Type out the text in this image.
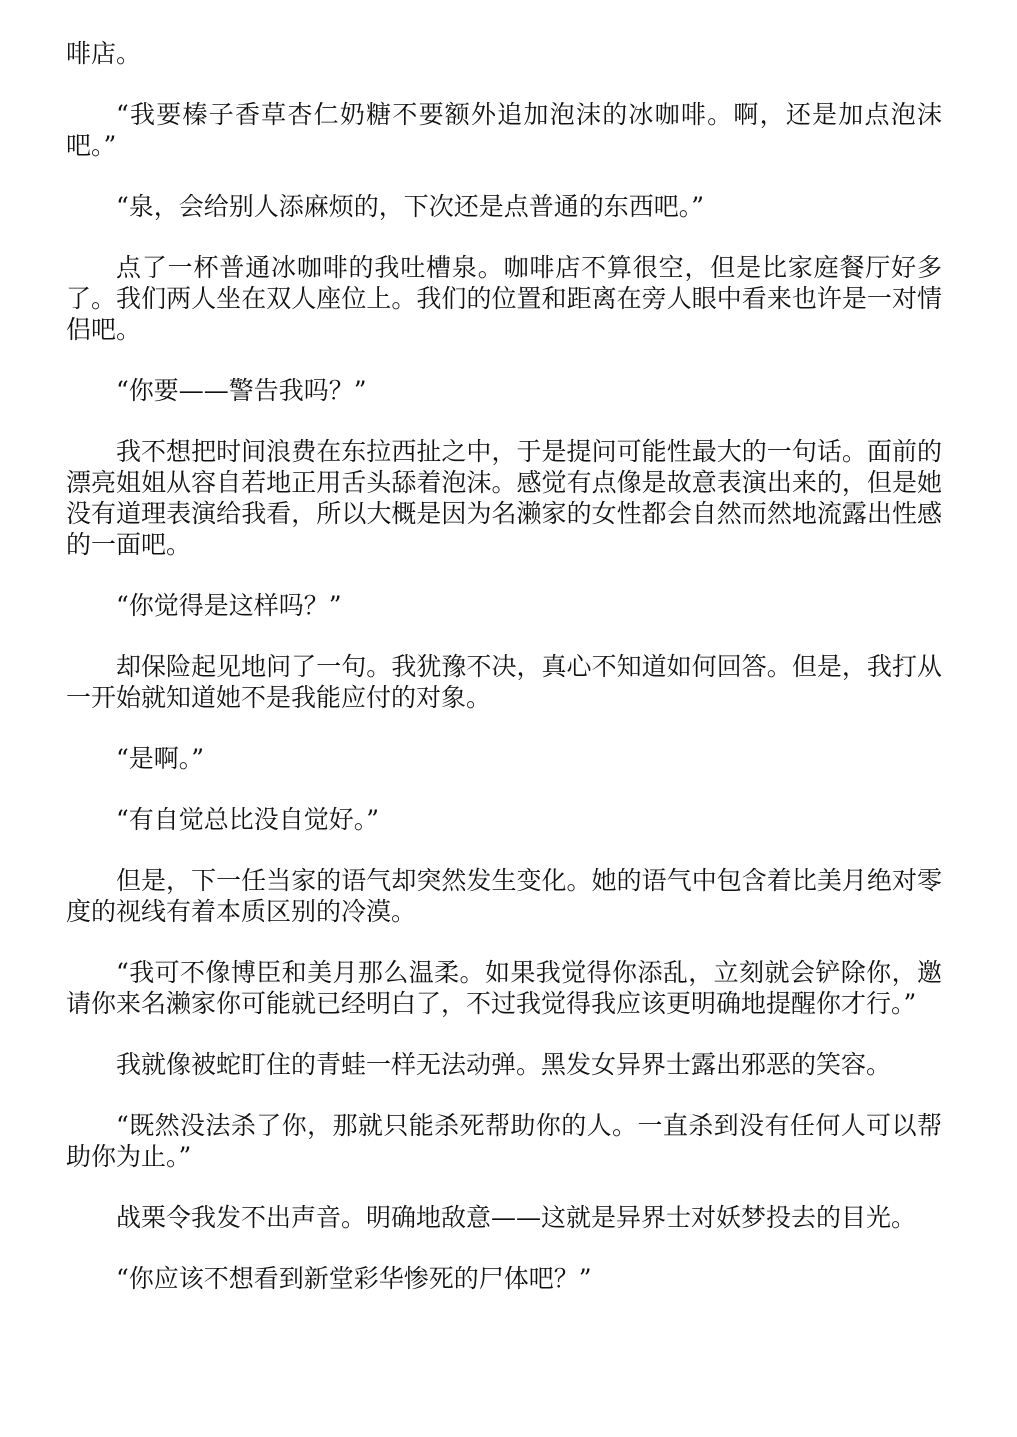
啡店。

“我要榛子香草杏仁奶糖不要额外追加泡沫的冰咖啡。啊，还是加点泡沫吧。”

“泉，会给别人添麻烦的，下次还是点普通的东西吧。”

点了一杯普通冰咖啡的我吐槽泉。咖啡店不算很空，但是比家庭餐厅好多了。我们两人坐在双人座位上。我们的位置和距离在旁人眼中看来也许是一对情侣吧。

“你要——警告我吗？”

我不想把时间浪费在东拉西扯之中，于是提问可能性最大的一句话。面前的漂亮姐姐从容自若地正用舌头舔着泡沫。感觉有点像是故意表演出来的，但是她没有道理表演给我看，所以大概是因为名濑家的女性都会自然而然地流露出性感的一面吧。

“你觉得是这样吗？”

却保险起见地问了一句。我犹豫不决，真心不知道如何回答。但是，我打从一开始就知道她不是我能应付的对象。

“是啊。”

“有自觉总比没自觉好。”

但是，下一任当家的语气却突然发生变化。她的语气中包含着比美月绝对零度的视线有着本质区别的冷漠。

“我可不像博臣和美月那么温柔。如果我觉得你添乱，立刻就会铲除你，邀请你来名濑家你可能就已经明白了，不过我觉得我应该更明确地提醒你才行。”

我就像被蛇盯住的青蛙一样无法动弹。黑发女异界士露出邪恶的笑容。

“既然没法杀了你，那就只能杀死帮助你的人。一直杀到没有任何人可以帮助你为止。”

战栗令我发不出声音。明确地敌意——这就是异界士对妖梦投去的目光。

“你应该不想看到新堂彩华惨死的尸体吧？”
